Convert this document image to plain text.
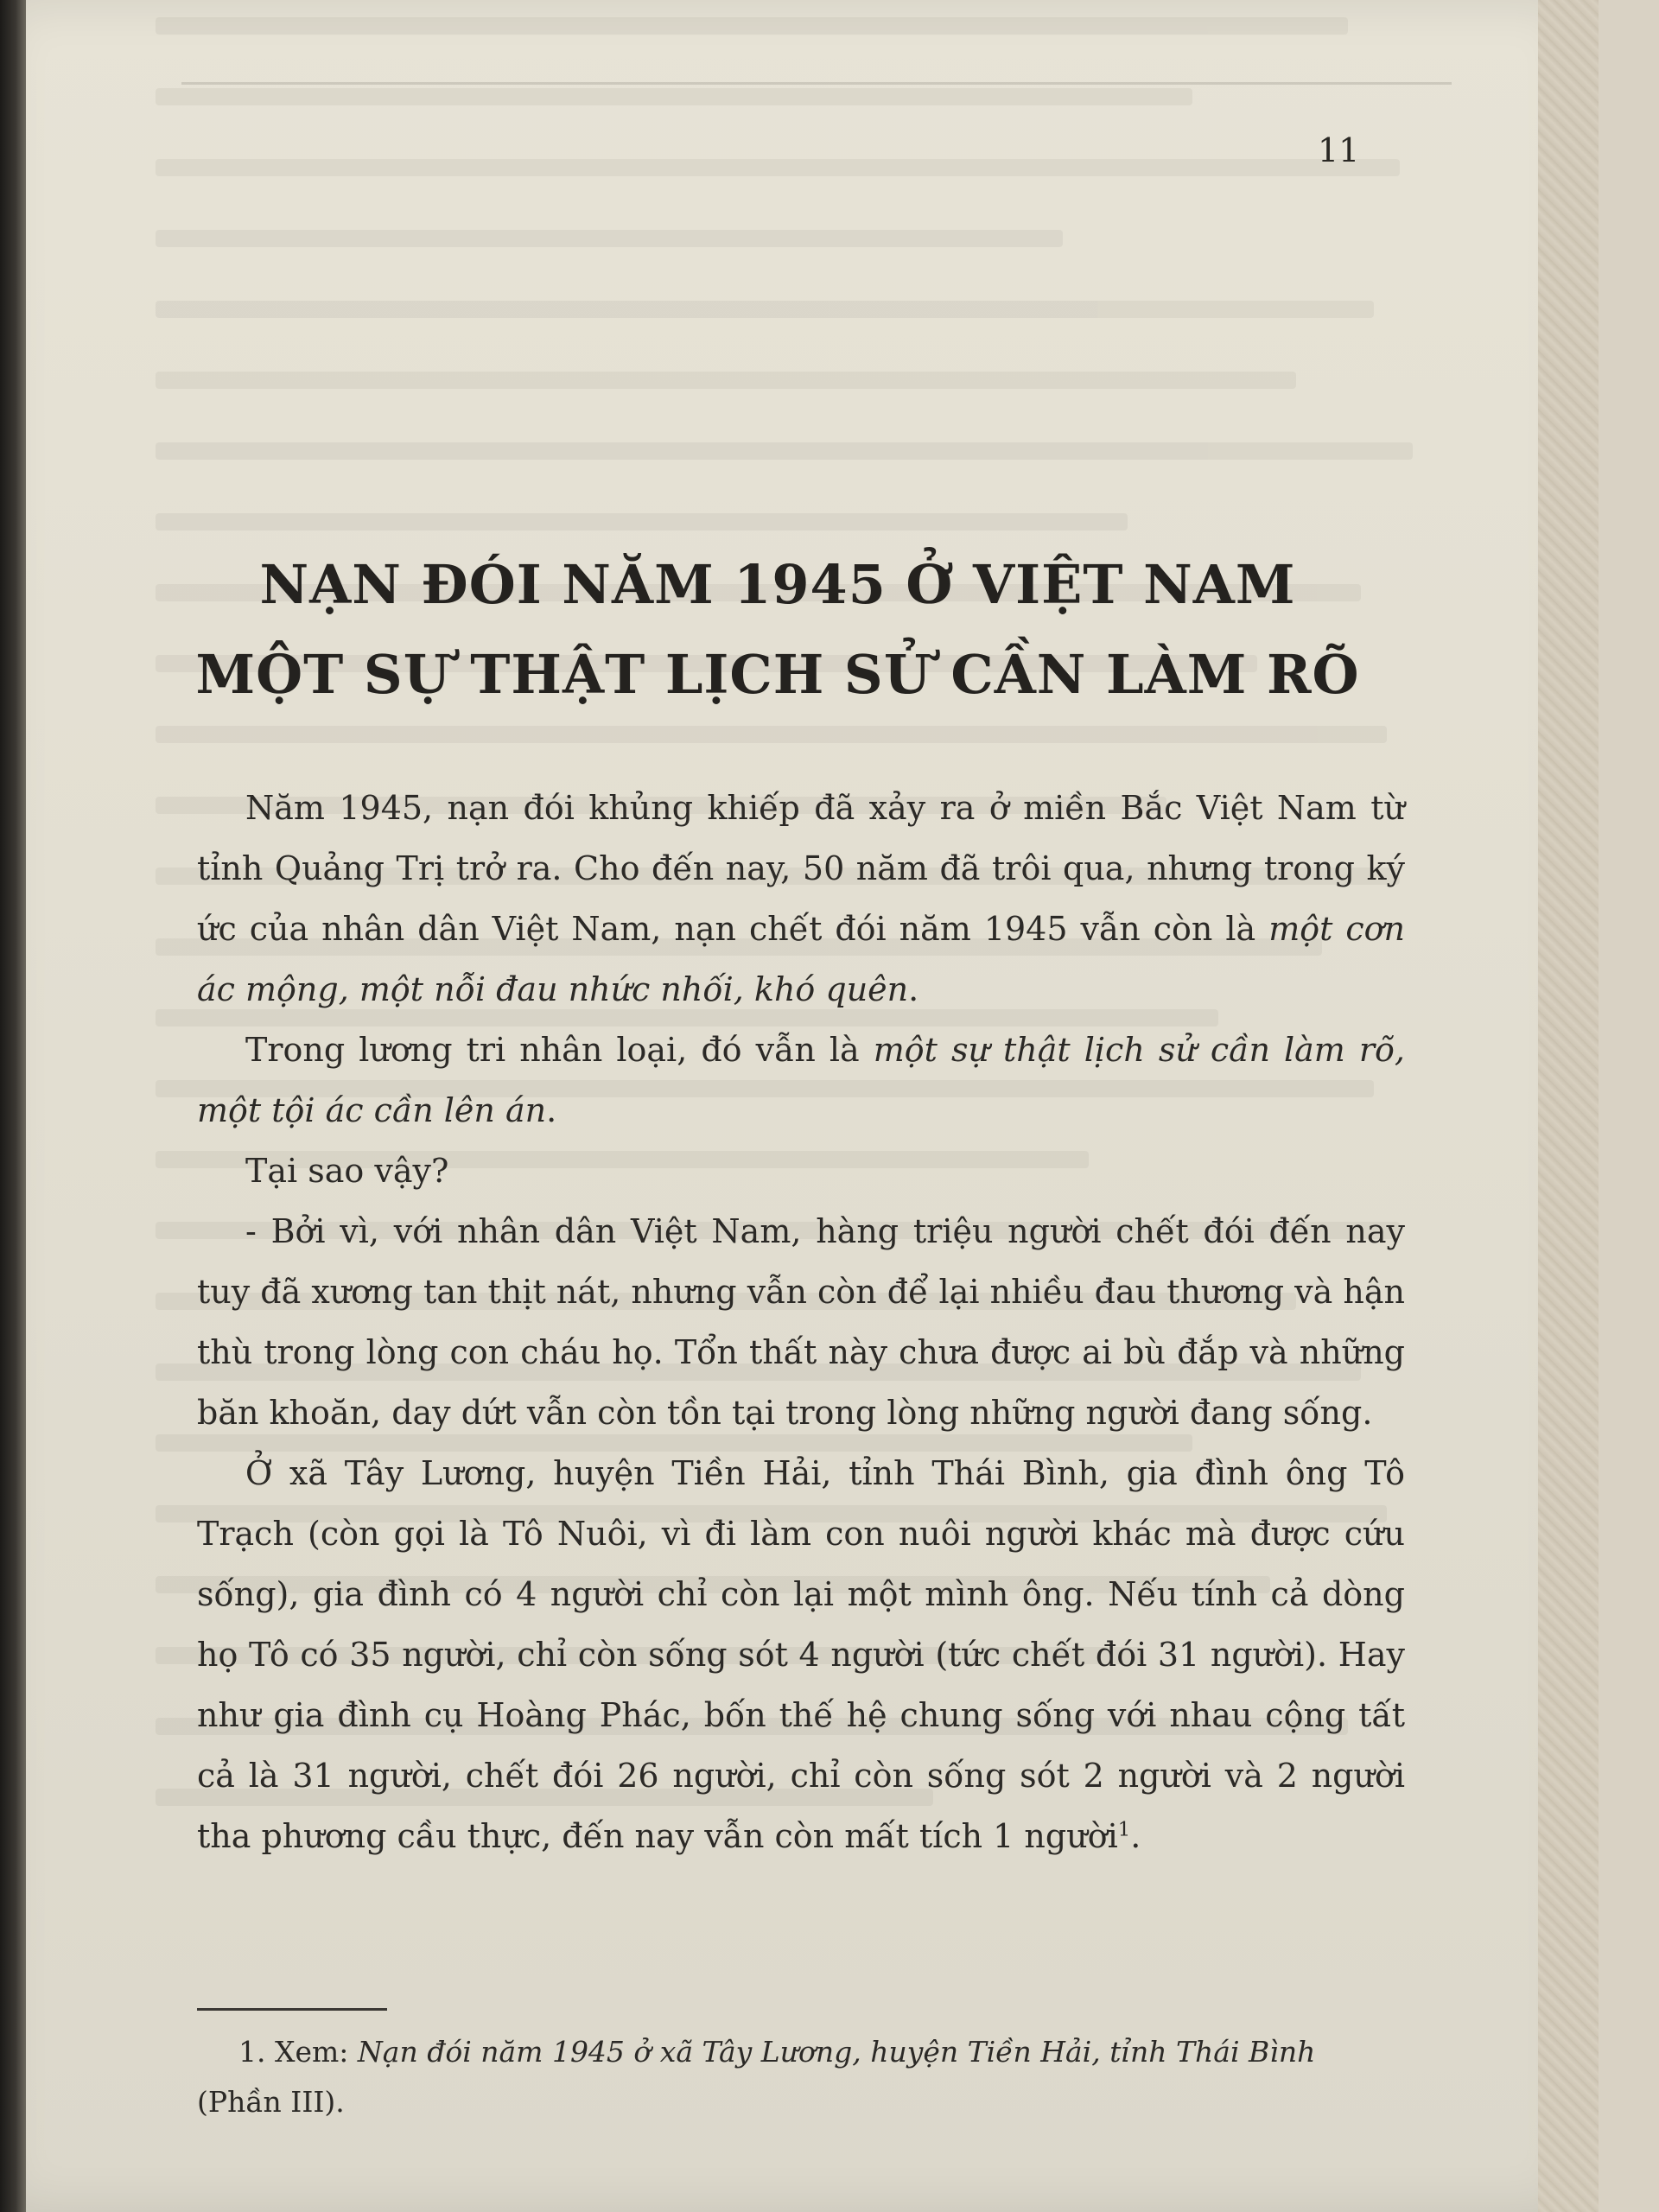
11
NẠN ĐÓI NĂM 1945 Ở VIỆT NAM
MỘT SỰ THẬT LỊCH SỬ CẦN LÀM RÕ

Năm 1945, nạn đói khủng khiếp đã xảy ra ở miền Bắc Việt Nam từ tỉnh Quảng Trị trở ra. Cho đến nay, 50 năm đã trôi qua, nhưng trong ký ức của nhân dân Việt Nam, nạn chết đói năm 1945 vẫn còn là một cơn ác mộng, một nỗi đau nhức nhối, khó quên.

Trong lương tri nhân loại, đó vẫn là một sự thật lịch sử cần làm rõ, một tội ác cần lên án.

Tại sao vậy?

- Bởi vì, với nhân dân Việt Nam, hàng triệu người chết đói đến nay tuy đã xương tan thịt nát, nhưng vẫn còn để lại nhiều đau thương và hận thù trong lòng con cháu họ. Tổn thất này chưa được ai bù đắp và những băn khoăn, day dứt vẫn còn tồn tại trong lòng những người đang sống.

Ở xã Tây Lương, huyện Tiền Hải, tỉnh Thái Bình, gia đình ông Tô Trạch (còn gọi là Tô Nuôi, vì đi làm con nuôi người khác mà được cứu sống), gia đình có 4 người chỉ còn lại một mình ông. Nếu tính cả dòng họ Tô có 35 người, chỉ còn sống sót 4 người (tức chết đói 31 người). Hay như gia đình cụ Hoàng Phác, bốn thế hệ chung sống với nhau cộng tất cả là 31 người, chết đói 26 người, chỉ còn sống sót 2 người và 2 người tha phương cầu thực, đến nay vẫn còn mất tích 1 người$^1$.

1. Xem: Nạn đói năm 1945 ở xã Tây Lương, huyện Tiền Hải, tỉnh Thái Bình (Phần III).
